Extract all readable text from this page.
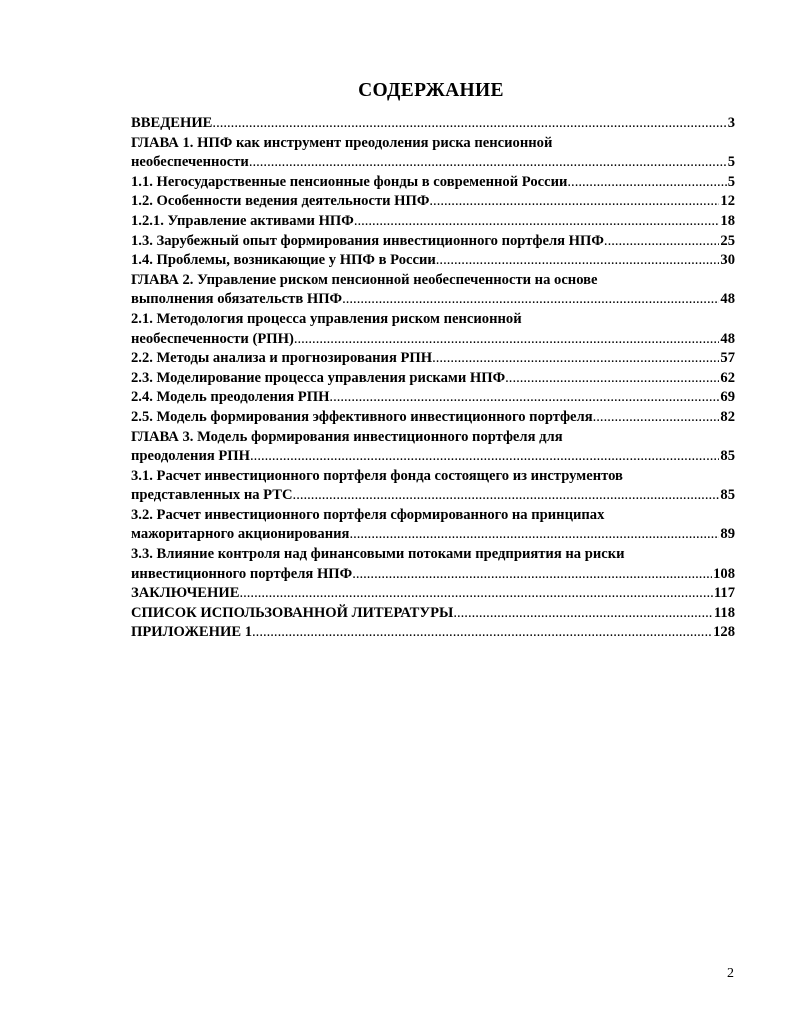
СОДЕРЖАНИЕ
ВВЕДЕНИЕ .....	3
ГЛАВА 1. НПФ как инструмент преодоления риска пенсионной
необеспеченности .....	5
1.1. Негосударственные пенсионные фонды в современной России .....	5
1.2. Особенности ведения деятельности НПФ .....	12
1.2.1. Управление активами НПФ .....	18
1.3. Зарубежный опыт формирования инвестиционного портфеля НПФ .....	25
1.4. Проблемы, возникающие у НПФ в России .....	30
ГЛАВА 2. Управление риском пенсионной необеспеченности на основе
выполнения обязательств НПФ .....	48
2.1. Методология процесса управления риском пенсионной
необеспеченности (РПН) .....	48
2.2. Методы анализа и прогнозирования РПН .....	57
2.3. Моделирование процесса управления рисками НПФ .....	62
2.4. Модель преодоления РПН .....	69
2.5. Модель формирования эффективного инвестиционного портфеля .....	82
ГЛАВА 3. Модель формирования инвестиционного портфеля для
преодоления РПН .....	85
3.1. Расчет инвестиционного портфеля фонда состоящего из инструментов
представленных на РТС .....	85
3.2. Расчет инвестиционного портфеля сформированного на принципах
мажоритарного акционирования .....	89
3.3. Влияние контроля над финансовыми потоками предприятия на риски
инвестиционного портфеля НПФ .....	108
ЗАКЛЮЧЕНИЕ .....	117
СПИСОК ИСПОЛЬЗОВАННОЙ ЛИТЕРАТУРЫ .....	118
ПРИЛОЖЕНИЕ 1 .....	128
2
